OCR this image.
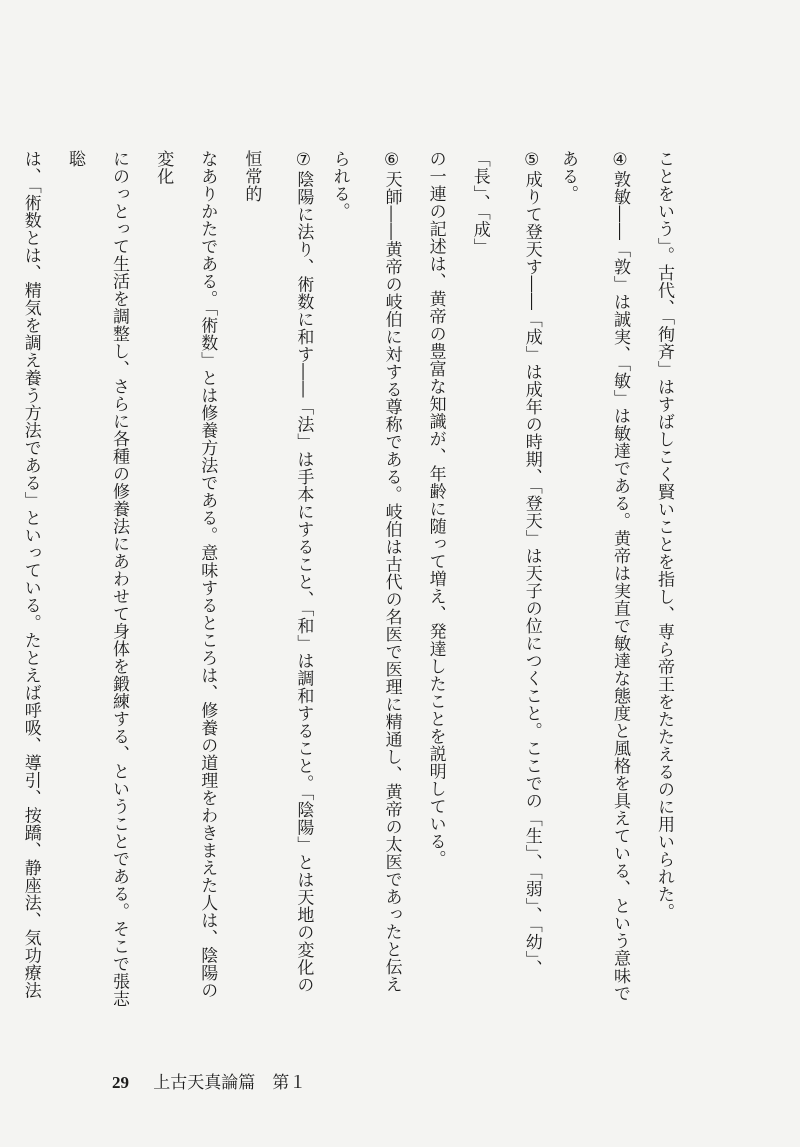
ことをいう」。古代、「徇斉」はすばしこく賢いことを指し、専ら帝王をたたえるのに用いられた。

④敦敏――「敦」は誠実、「敏」は敏達である。黄帝は実直で敏達な態度と風格を具えている、という意味である。

⑤成りて登天す――「成」は成年の時期、「登天」は天子の位につくこと。ここでの「生」、「弱」、「幼」、「長」、「成」

の一連の記述は、黄帝の豊富な知識が、年齢に随って増え、発達したことを説明している。

⑥天師――黄帝の岐伯に対する尊称である。岐伯は古代の名医で医理に精通し、黄帝の太医であったと伝えられる。

⑦陰陽に法り、術数に和す――「法」は手本にすること、「和」は調和すること。「陰陽」とは天地の変化の恒常的

なありかたである。「術数」とは修養方法である。意味するところは、修養の道理をわきまえた人は、陰陽の変化

にのっとって生活を調整し、さらに各種の修養法にあわせて身体を鍛練する、ということである。そこで張志聡

は、「術数とは、精気を調え養う方法である」といっている。たとえば呼吸、導引、按蹻、静座法、気功療法

29 上古天真論篇　第１
